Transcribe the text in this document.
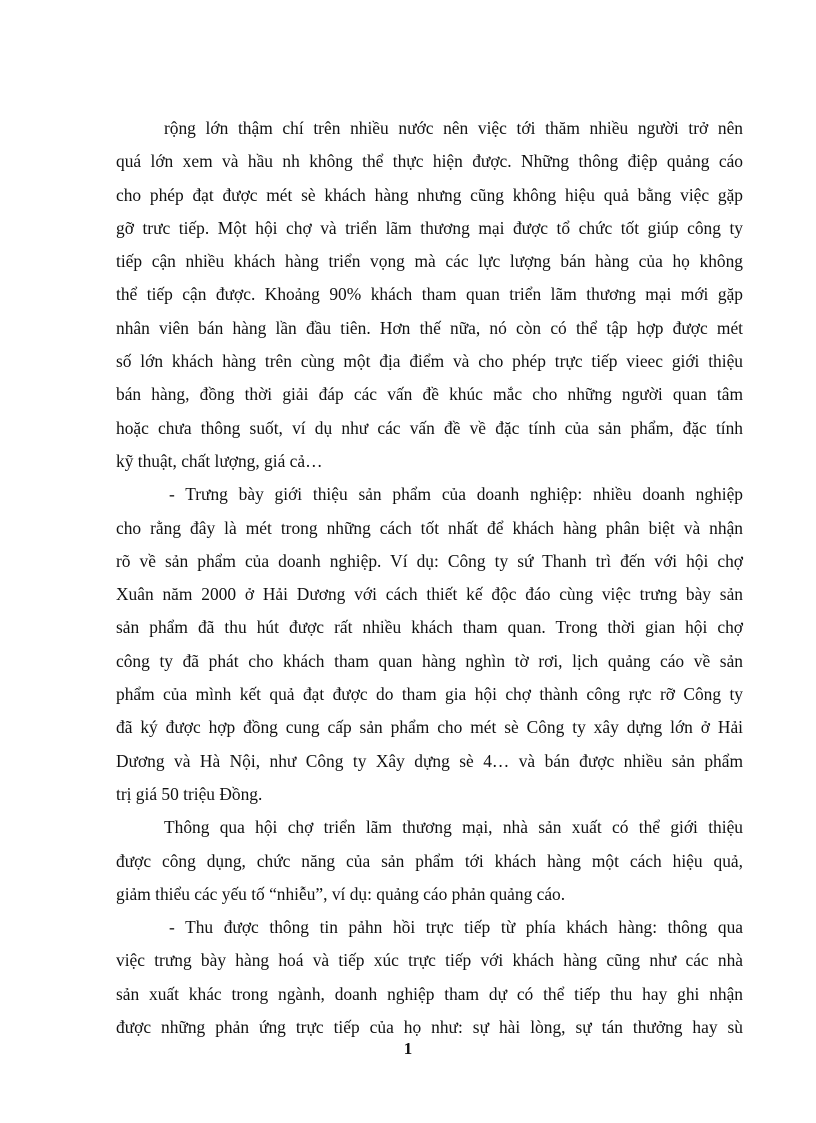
rộng lớn thậm chí trên nhiều nước nên việc tới thăm nhiều người trở nên
quá lớn xem và hầu nh không thể thực hiện được. Những thông điệp quảng cáo
cho phép đạt được mét sè khách hàng nhưng cũng không hiệu quả bằng việc gặp
gỡ trưc tiếp. Một hội chợ và triển lãm thương mại được tổ chức tốt giúp công ty
tiếp cận nhiều khách hàng triển vọng mà các lực lượng bán hàng của họ không
thể tiếp cận được. Khoảng 90% khách tham quan triển lãm thương mại mới gặp
nhân viên bán hàng lần đầu tiên. Hơn thế nữa, nó còn có thể tập hợp được mét
số lớn khách hàng trên cùng một địa điểm và cho phép trực tiếp vieec giới thiệu
bán hàng, đồng thời giải đáp các vấn đề khúc mắc cho những người quan tâm
hoặc chưa thông suốt, ví dụ như các vấn đề về đặc tính của sản phẩm, đặc tính
kỹ thuật, chất lượng, giá cả…

- Trưng bày giới thiệu sản phẩm của doanh nghiệp: nhiều doanh nghiệp
cho rằng đây là mét trong những cách tốt nhất để khách hàng phân biệt và nhận
rõ về sản phẩm của doanh nghiệp. Ví dụ: Công ty sứ Thanh trì đến với hội chợ
Xuân năm 2000 ở Hải Dương với cách thiết kế độc đáo cùng việc trưng bày sản
sản phẩm đã thu hút được rất nhiều khách tham quan. Trong thời gian hội chợ
công ty đã phát cho khách tham quan hàng nghìn tờ rơi, lịch quảng cáo về sản
phẩm của mình kết quả đạt được do tham gia hội chợ thành công rực rỡ Công ty
đã ký được hợp đồng cung cấp sản phẩm cho mét sè Công ty xây dựng lớn ở Hải
Dương và Hà Nội, như Công ty Xây dựng sè 4… và bán được nhiều sản phẩm
trị giá 50 triệu Đồng.

Thông qua hội chợ triển lãm thương mại, nhà sản xuất có thể giới thiệu
được công dụng, chức năng của sản phẩm tới khách hàng một cách hiệu quả,
giảm thiểu các yếu tố “nhiễu”, ví dụ: quảng cáo phản quảng cáo.

- Thu được thông tin pảhn hồi trực tiếp từ phía khách hàng: thông qua
việc trưng bày hàng hoá và tiếp xúc trực tiếp với khách hàng cũng như các nhà
sản xuất khác trong ngành, doanh nghiệp tham dự có thể tiếp thu hay ghi nhận
được những phản ứng trực tiếp của họ như: sự hài lòng, sự tán thưởng hay sù

1
